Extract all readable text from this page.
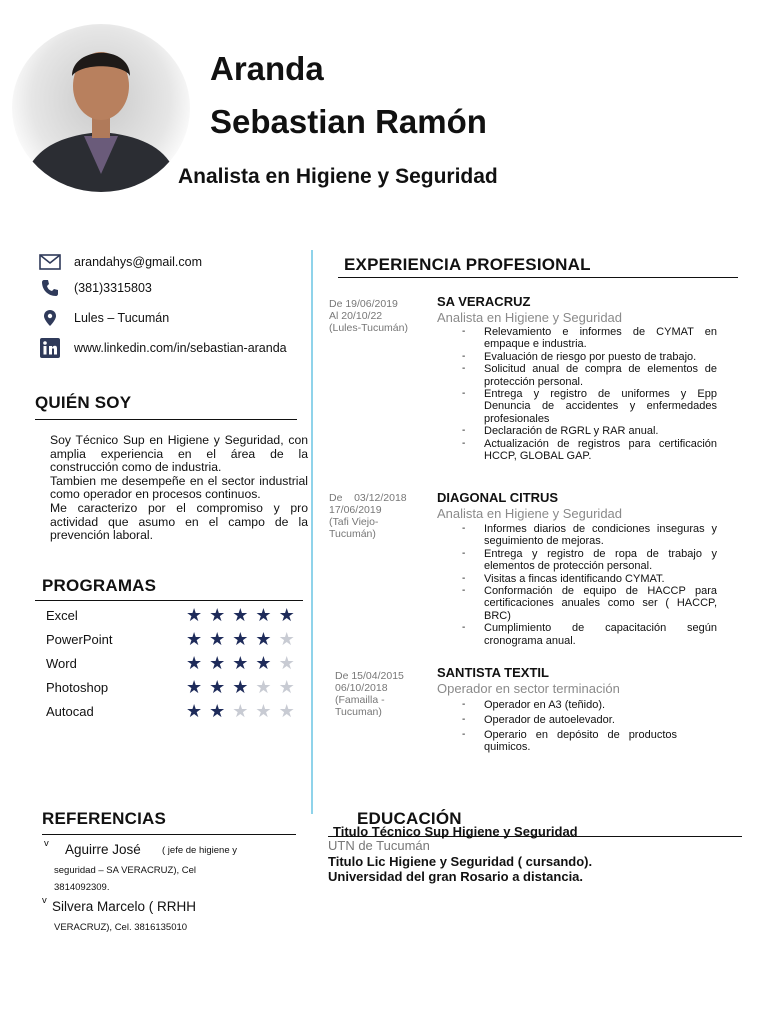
Aranda
Sebastian Ramón
Analista en Higiene y Seguridad
arandahys@gmail.com
(381)3315803
Lules – Tucumán
www.linkedin.com/in/sebastian-aranda
QUIÉN SOY

Soy Técnico Sup en Higiene y Seguridad, con amplia experiencia en el área de la construcción como de industria.

Tambien me desempeñe en el sector industrial como operador en procesos continuos.

Me caracterizo por el compromiso y pro actividad que asumo en el campo de la prevención laboral.

PROGRAMAS
Excel	★★★★★
PowerPoint	★★★★★
Word	★★★★★
Photoshop	★★★★★
Autocad	★★★★★
EXPERIENCIA PROFESIONAL
De 19/06/2019
Al 20/10/22
(Lules-Tucumán)
SA VERACRUZ
Analista en Higiene y Seguridad
- Relevamiento e informes de CYMAT en empaque e industria.
- Evaluación de riesgo por puesto de trabajo.
- Solicitud anual de compra de elementos de protección personal.
- Entrega y registro de uniformes y Epp Denuncia de accidentes y enfermedades profesionales
- Declaración de RGRL y RAR anual.
- Actualización de registros para certificación HCCP, GLOBAL GAP.
De    03/12/2018
17/06/2019
(Tafi Viejo-
Tucumán)
DIAGONAL CITRUS
Analista en Higiene y Seguridad
- Informes diarios de condiciones inseguras y seguimiento de mejoras.
- Entrega y registro de ropa de trabajo y elementos de protección personal.
- Visitas a fincas identificando CYMAT.
- Conformación de equipo de HACCP para certificaciones anuales como ser ( HACCP, BRC)
- Cumplimiento de capacitación según cronograma anual.
De 15/04/2015
06/10/2018
(Famailla -
Tucuman)
SANTISTA TEXTIL
Operador en sector terminación
- Operador en A3 (teñido).
- Operador de autoelevador.
- Operario en depósito de productos quimicos.
REFERENCIAS
v Aguirre José ( jefe de higiene y
seguridad – SA VERACRUZ), Cel
3814092309.
v Silvera Marcelo ( RRHH
VERACRUZ), Cel. 3816135010
EDUCACIÓN
Titulo Técnico Sup Higiene y Seguridad
UTN de Tucumán
Titulo Lic Higiene y Seguridad ( cursando).
Universidad del gran Rosario a distancia.
